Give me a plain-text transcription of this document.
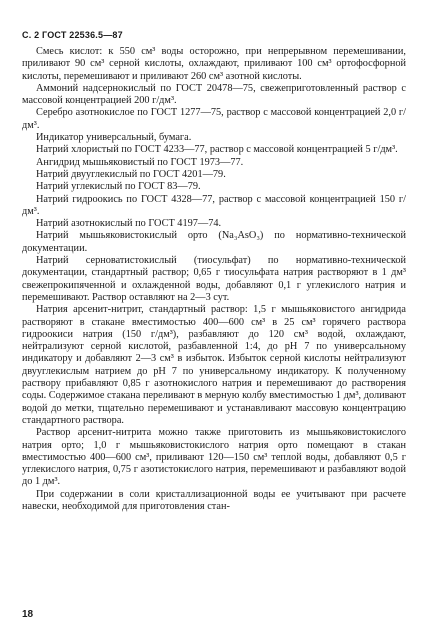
С. 2 ГОСТ 22536.5—87

Смесь кислот: к 550 см³ воды осторожно, при непрерывном перемешивании, приливают 90 см³ серной кислоты, охлаждают, приливают 100 см³ ортофосфорной кислоты, перемешивают и приливают 260 см³ азотной кислоты.

Аммоний надсернокислый по ГОСТ 20478—75, свежеприготовленный раствор с массовой концентрацией 200 г/дм³.

Серебро азотнокислое по ГОСТ 1277—75, раствор с массовой концентрацией 2,0 г/дм³.

Индикатор универсальный, бумага.

Натрий хлористый по ГОСТ 4233—77, раствор с массовой концентрацией 5 г/дм³.

Ангидрид мышьяковистый по ГОСТ 1973—77.

Натрий двууглекислый по ГОСТ 4201—79.

Натрий углекислый по ГОСТ 83—79.

Натрий гидроокись по ГОСТ 4328—77, раствор с массовой концентрацией 150 г/дм³.

Натрий азотнокислый по ГОСТ 4197—74.

Натрий мышьяковистокислый орто (Na₃AsO₃) по нормативно-технической документации.

Натрий серноватистокислый (тиосульфат) по нормативно-технической документации, стандартный раствор; 0,65 г тиосульфата натрия растворяют в 1 дм³ свежепрокипяченной и охлажденной воды, добавляют 0,1 г углекислого натрия и перемешивают. Раствор оставляют на 2—3 сут.

Натрия арсенит-нитрит, стандартный раствор: 1,5 г мышьяковистого ангидрида растворяют в стакане вместимостью 400—600 см³ в 25 см³ горячего раствора гидроокиси натрия (150 г/дм³), разбавляют до 120 см³ водой, охлаждают, нейтрализуют серной кислотой, разбавленной 1:4, до pH 7 по универсальному индикатору и добавляют 2—3 см³ в избыток. Избыток серной кислоты нейтрализуют двууглекислым натрием до pH 7 по универсальному индикатору. К полученному раствору прибавляют 0,85 г азотнокислого натрия и перемешивают до растворения соды. Содержимое стакана переливают в мерную колбу вместимостью 1 дм³, доливают водой до метки, тщательно перемешивают и устанавливают массовую концентрацию стандартного раствора.

Раствор арсенит-нитрита можно также приготовить из мышьяковистокислого натрия орто; 1,0 г мышьяковистокислого натрия орто помещают в стакан вместимостью 400—600 см³, приливают 120—150 см³ теплой воды, добавляют 0,5 г углекислого натрия, 0,75 г азотистокислого натрия, перемешивают и разбавляют водой до 1 дм³.

При содержании в соли кристаллизационной воды ее учитывают при расчете навески, необходимой для приготовления стан-

18
